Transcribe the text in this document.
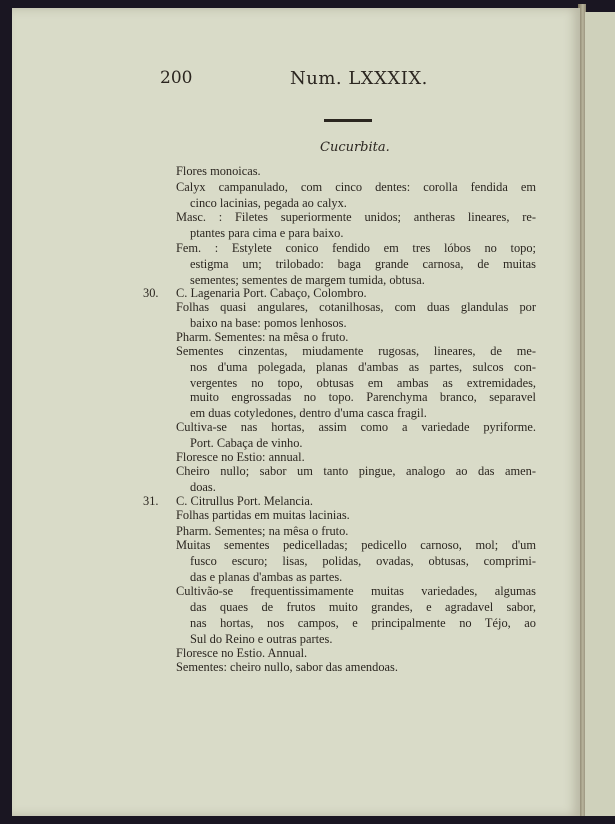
200	Num. LXXXIX.
Cucurbita.
Flores monoicas.
Calyx campanulado, com cinco dentes: corolla fendida em
cinco lacinias, pegada ao calyx.
Masc. : Filetes superiormente unidos; antheras lineares, re-
ptantes para cima e para baixo.
Fem. : Estylete conico fendido em tres lóbos no topo;
estigma um; trilobado: baga grande carnosa, de muitas
sementes; sementes de margem tumida, obtusa.
30. C. Lagenaria Port. Cabaço, Colombro.
Folhas quasi angulares, cotanilhosas, com duas glandulas por
baixo na base: pomos lenhosos.
Pharm. Sementes: na mêsa o fruto.
Sementes cinzentas, miudamente rugosas, lineares, de me-
nos d'uma polegada, planas d'ambas as partes, sulcos con-
vergentes no topo, obtusas em ambas as extremidades,
muito engrossadas no topo. Parenchyma branco, separavel
em duas cotyledones, dentro d'uma casca fragil.
Cultiva-se nas hortas, assim como a variedade pyriforme.
Port. Cabaça de vinho.
Floresce no Estio: annual.
Cheiro nullo; sabor um tanto pingue, analogo ao das amen-
doas.
31. C. Citrullus Port. Melancia.
Folhas partidas em muitas lacinias.
Pharm. Sementes; na mêsa o fruto.
Muitas sementes pedicelladas; pedicello carnoso, mol; d'um
fusco escuro; lisas, polidas, ovadas, obtusas, comprimi-
das e planas d'ambas as partes.
Cultivão-se frequentissimamente muitas variedades, algumas
das quaes de frutos muito grandes, e agradavel sabor,
nas hortas, nos campos, e principalmente no Téjo, ao
Sul do Reino e outras partes.
Floresce no Estio. Annual.
Sementes: cheiro nullo, sabor das amendoas.
